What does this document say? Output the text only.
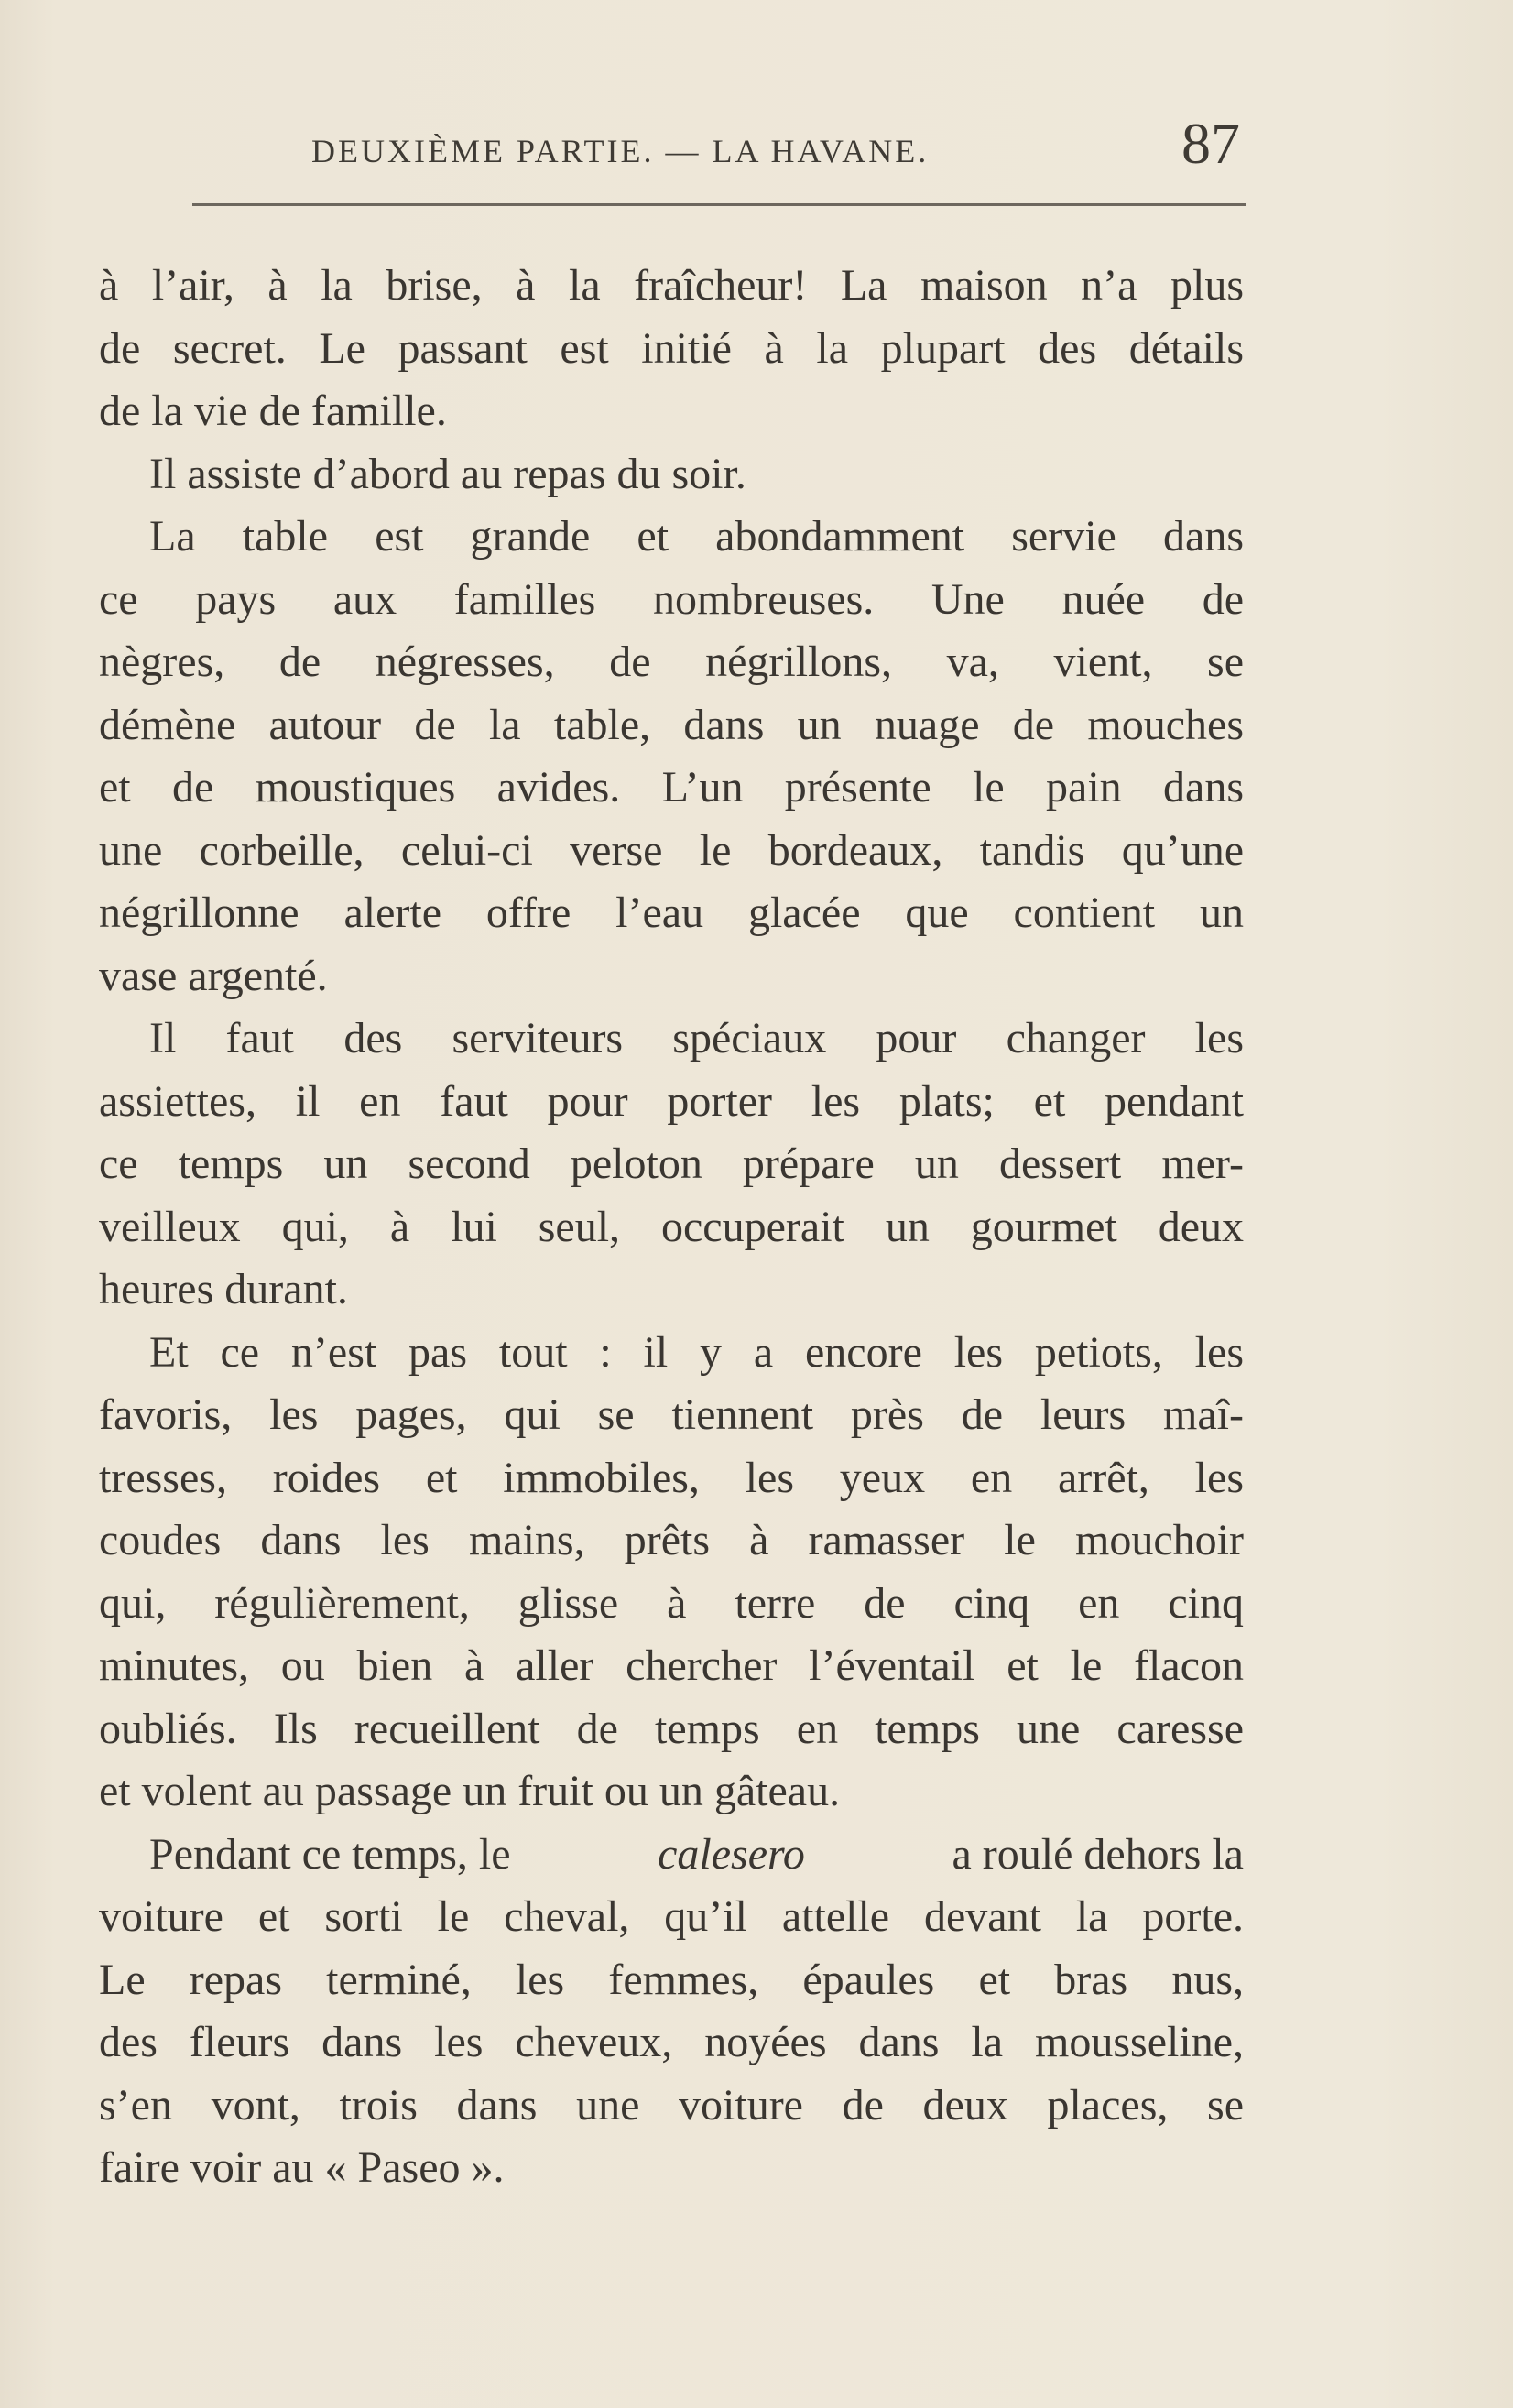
DEUXIÈME PARTIE. — LA HAVANE.	87
à l’air, à la brise, à la fraîcheur! La maison n’a plus
de secret. Le passant est initié à la plupart des détails
de la vie de famille.
Il assiste d’abord au repas du soir.
La table est grande et abondamment servie dans
ce pays aux familles nombreuses. Une nuée de
nègres, de négresses, de négrillons, va, vient, se
démène autour de la table, dans un nuage de mouches
et de moustiques avides. L’un présente le pain dans
une corbeille, celui-ci verse le bordeaux, tandis qu’une
négrillonne alerte offre l’eau glacée que contient un
vase argenté.
Il faut des serviteurs spéciaux pour changer les
assiettes, il en faut pour porter les plats; et pendant
ce temps un second peloton prépare un dessert mer-
veilleux qui, à lui seul, occuperait un gourmet deux
heures durant.
Et ce n’est pas tout : il y a encore les petiots, les
favoris, les pages, qui se tiennent près de leurs maî-
tresses, roides et immobiles, les yeux en arrêt, les
coudes dans les mains, prêts à ramasser le mouchoir
qui, régulièrement, glisse à terre de cinq en cinq
minutes, ou bien à aller chercher l’éventail et le flacon
oubliés. Ils recueillent de temps en temps une caresse
et volent au passage un fruit ou un gâteau.
Pendant ce temps, le	calesero	a roulé dehors la
voiture et sorti le cheval, qu’il attelle devant la porte.
Le repas terminé, les femmes, épaules et bras nus,
des fleurs dans les cheveux, noyées dans la mousseline,
s’en vont, trois dans une voiture de deux places, se
faire voir au « Paseo ».
